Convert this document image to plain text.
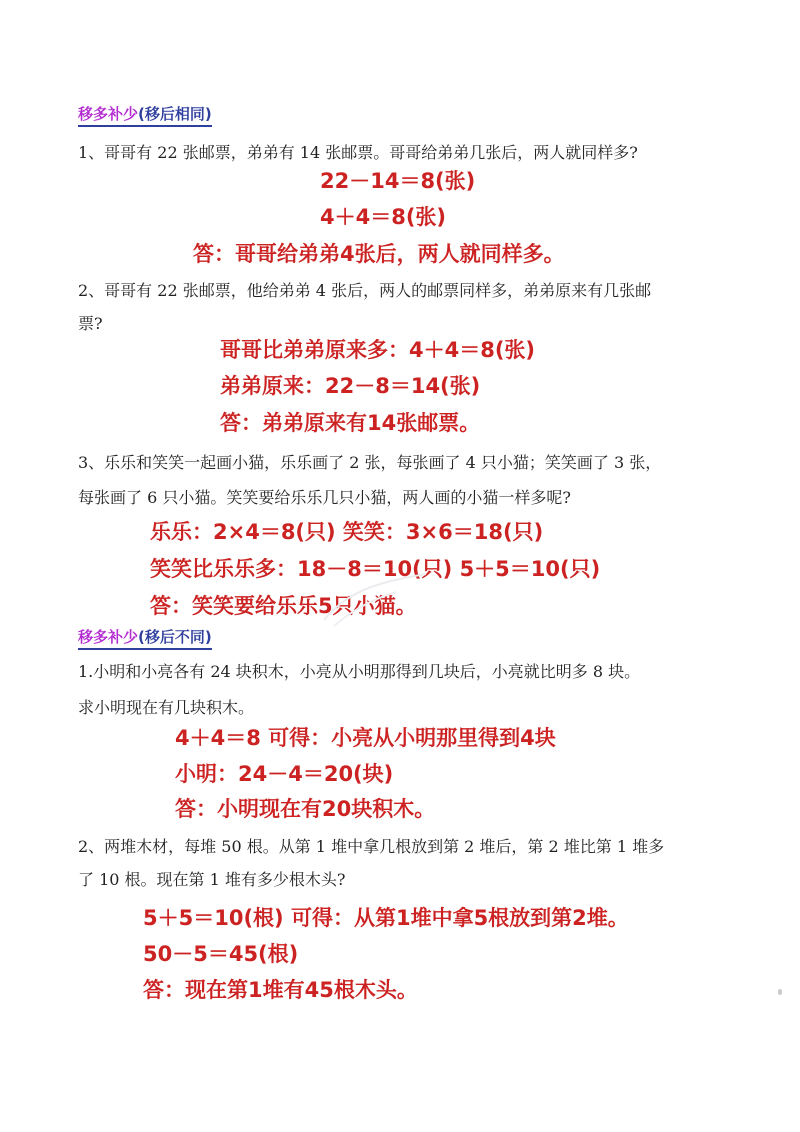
移多补少(移后相同)
1、哥哥有 22 张邮票，弟弟有 14 张邮票。哥哥给弟弟几张后，两人就同样多?
22－14＝8(张)
4＋4＝8(张)
答：哥哥给弟弟4张后，两人就同样多。
2、哥哥有 22 张邮票，他给弟弟 4 张后，两人的邮票同样多，弟弟原来有几张邮
票?
哥哥比弟弟原来多：4＋4＝8(张)
弟弟原来：22－8＝14(张)
答：弟弟原来有14张邮票。
3、乐乐和笑笑一起画小猫，乐乐画了 2 张，每张画了 4 只小猫；笑笑画了 3 张，
每张画了 6 只小猫。笑笑要给乐乐几只小猫，两人画的小猫一样多呢?
乐乐：2×4＝8(只) 笑笑：3×6＝18(只)
笑笑比乐乐多：18－8＝10(只) 5＋5＝10(只)
答：笑笑要给乐乐5只小猫。
移多补少(移后不同)
1.小明和小亮各有 24 块积木，小亮从小明那得到几块后，小亮就比明多 8 块。
求小明现在有几块积木。
4＋4＝8 可得：小亮从小明那里得到4块
小明：24－4＝20(块)
答：小明现在有20块积木。
2、两堆木材，每堆 50 根。从第 1 堆中拿几根放到第 2 堆后，第 2 堆比第 1 堆多
了 10 根。现在第 1 堆有多少根木头?
5＋5＝10(根) 可得：从第1堆中拿5根放到第2堆。
50－5＝45(根)
答：现在第1堆有45根木头。
